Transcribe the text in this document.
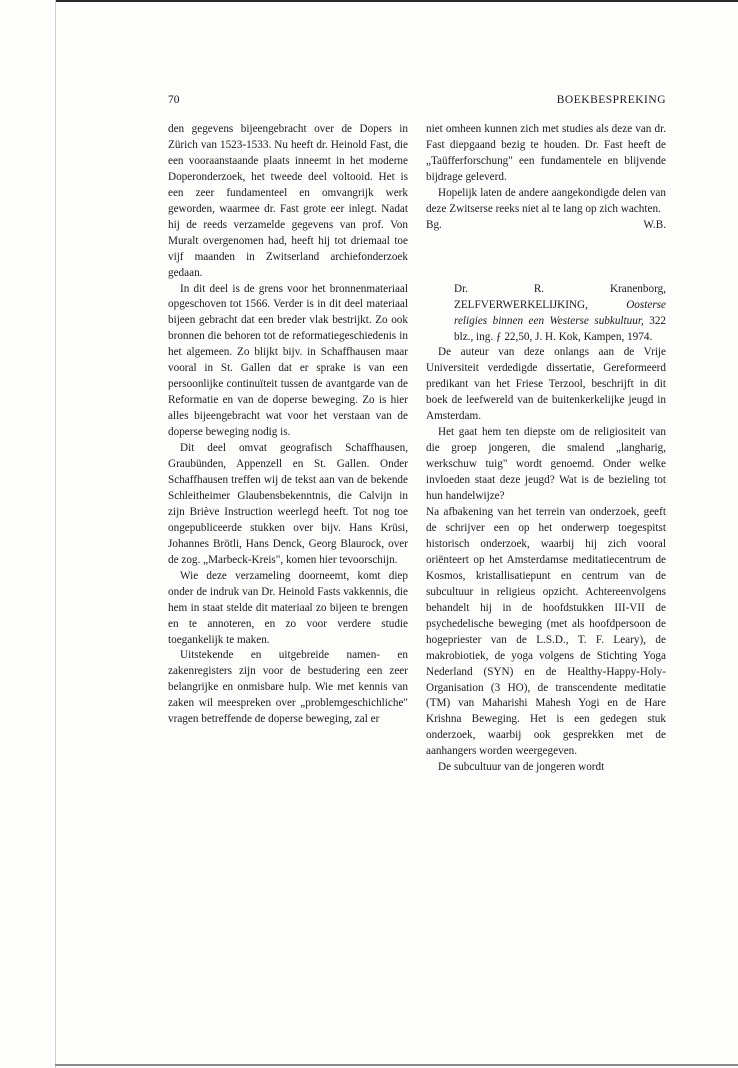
70	BOEKBESPREKING

den gegevens bijeengebracht over de Dopers in Zürich van 1523-1533. Nu heeft dr. Heinold Fast, die een vooraanstaande plaats inneemt in het moderne Doperonderzoek, het tweede deel voltooid. Het is een zeer fundamenteel en omvangrijk werk geworden, waarmee dr. Fast grote eer inlegt. Nadat hij de reeds verzamelde gegevens van prof. Von Muralt overgenomen had, heeft hij tot driemaal toe vijf maanden in Zwitserland archiefonderzoek gedaan.

In dit deel is de grens voor het bronnenmateriaal opgeschoven tot 1566. Verder is in dit deel materiaal bijeen gebracht dat een breder vlak bestrijkt. Zo ook bronnen die behoren tot de reformatiegeschiedenis in het algemeen. Zo blijkt bijv. in Schaffhausen maar vooral in St. Gallen dat er sprake is van een persoonlijke continuïteit tussen de avantgarde van de Reformatie en van de doperse beweging. Zo is hier alles bijeengebracht wat voor het verstaan van de doperse beweging nodig is.

Dit deel omvat geografisch Schaffhausen, Graubünden, Appenzell en St. Gallen. Onder Schaffhausen treffen wij de tekst aan van de bekende Schleitheimer Glaubensbekenntnis, die Calvijn in zijn Briève Instruction weerlegd heeft. Tot nog toe ongepubliceerde stukken over bijv. Hans Krüsi, Johannes Brötli, Hans Denck, Georg Blaurock, over de zog. „Marbeck-Kreis", komen hier tevoorschijn.

Wie deze verzameling doorneemt, komt diep onder de indruk van Dr. Heinold Fasts vakkennis, die hem in staat stelde dit materiaal zo bijeen te brengen en te annoteren, en zo voor verdere studie toegankelijk te maken.

Uitstekende en uitgebreide namen- en zakenregisters zijn voor de bestudering een zeer belangrijke en onmisbare hulp. Wie met kennis van zaken wil meespreken over „problemgeschichliche" vragen betreffende de doperse beweging, zal er

niet omheen kunnen zich met studies als deze van dr. Fast diepgaand bezig te houden. Dr. Fast heeft de „Taüfferforschung" een fundamentele en blijvende bijdrage geleverd.

Hopelijk laten de andere aangekondigde delen van deze Zwitserse reeks niet al te lang op zich wachten.

Bg.	W.B.

Dr. R. Kranenborg, ZELFVERWERKELIJKING,	Oosterse religies binnen een Westerse subkultuur, 322 blz., ing. ƒ 22,50, J. H. Kok, Kampen, 1974.

De auteur van deze onlangs aan de Vrije Universiteit verdedigde dissertatie, Gereformeerd predikant van het Friese Terzool, beschrijft in dit boek de leefwereld van de buitenkerkelijke jeugd in Amsterdam.

Het gaat hem ten diepste om de religiositeit van die groep jongeren, die smalend „langharig, werkschuw tuig" wordt genoemd. Onder welke invloeden staat deze jeugd? Wat is de bezieling tot hun handelwijze?

Na afbakening van het terrein van onderzoek, geeft de schrijver een op het onderwerp toegespitst historisch onderzoek, waarbij hij zich vooral oriënteert op het Amsterdamse meditatiecentrum de Kosmos, kristallisatiepunt en centrum van de subcultuur in religieus opzicht. Achtereenvolgens behandelt hij in de hoofdstukken III-VII de psychedelische beweging (met als hoofdpersoon de hogepriester van de L.S.D., T. F. Leary), de makrobiotiek, de yoga volgens de Stichting Yoga Nederland (SYN) en de Healthy-Happy-Holy-Organisation (3 HO), de transcendente meditatie (TM) van Maharishi Mahesh Yogi en de Hare Krishna Beweging. Het is een gedegen stuk onderzoek, waarbij ook gesprekken met de aanhangers worden weergegeven.

De subcultuur van de jongeren wordt
